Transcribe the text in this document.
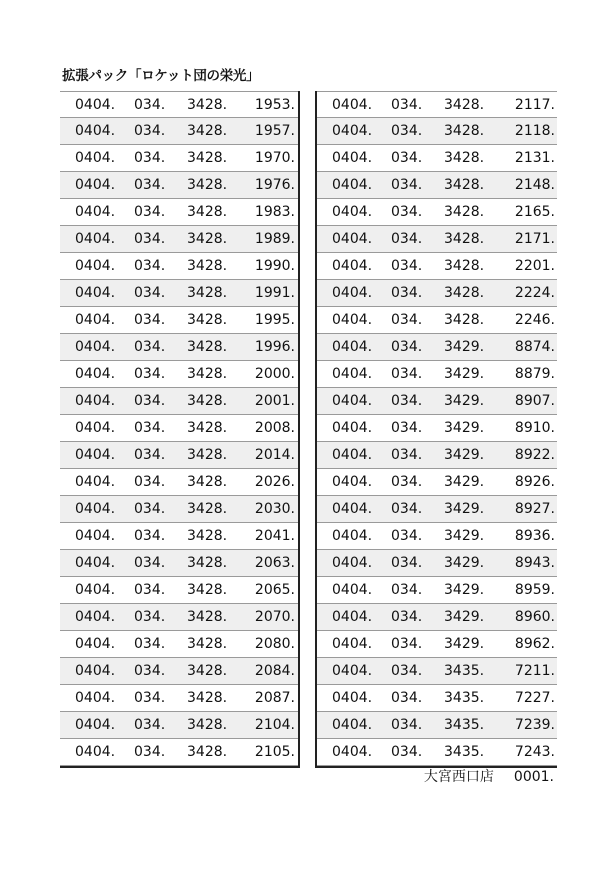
拡張パック「ロケット団の栄光」
0404. 034. 3428. 1953.
0404. 034. 3428. 1957.
0404. 034. 3428. 1970.
0404. 034. 3428. 1976.
0404. 034. 3428. 1983.
0404. 034. 3428. 1989.
0404. 034. 3428. 1990.
0404. 034. 3428. 1991.
0404. 034. 3428. 1995.
0404. 034. 3428. 1996.
0404. 034. 3428. 2000.
0404. 034. 3428. 2001.
0404. 034. 3428. 2008.
0404. 034. 3428. 2014.
0404. 034. 3428. 2026.
0404. 034. 3428. 2030.
0404. 034. 3428. 2041.
0404. 034. 3428. 2063.
0404. 034. 3428. 2065.
0404. 034. 3428. 2070.
0404. 034. 3428. 2080.
0404. 034. 3428. 2084.
0404. 034. 3428. 2087.
0404. 034. 3428. 2104.
0404. 034. 3428. 2105.
0404. 034. 3428. 2117.
0404. 034. 3428. 2118.
0404. 034. 3428. 2131.
0404. 034. 3428. 2148.
0404. 034. 3428. 2165.
0404. 034. 3428. 2171.
0404. 034. 3428. 2201.
0404. 034. 3428. 2224.
0404. 034. 3428. 2246.
0404. 034. 3429. 8874.
0404. 034. 3429. 8879.
0404. 034. 3429. 8907.
0404. 034. 3429. 8910.
0404. 034. 3429. 8922.
0404. 034. 3429. 8926.
0404. 034. 3429. 8927.
0404. 034. 3429. 8936.
0404. 034. 3429. 8943.
0404. 034. 3429. 8959.
0404. 034. 3429. 8960.
0404. 034. 3429. 8962.
0404. 034. 3435. 7211.
0404. 034. 3435. 7227.
0404. 034. 3435. 7239.
0404. 034. 3435. 7243.
大宮西口店 0001.
